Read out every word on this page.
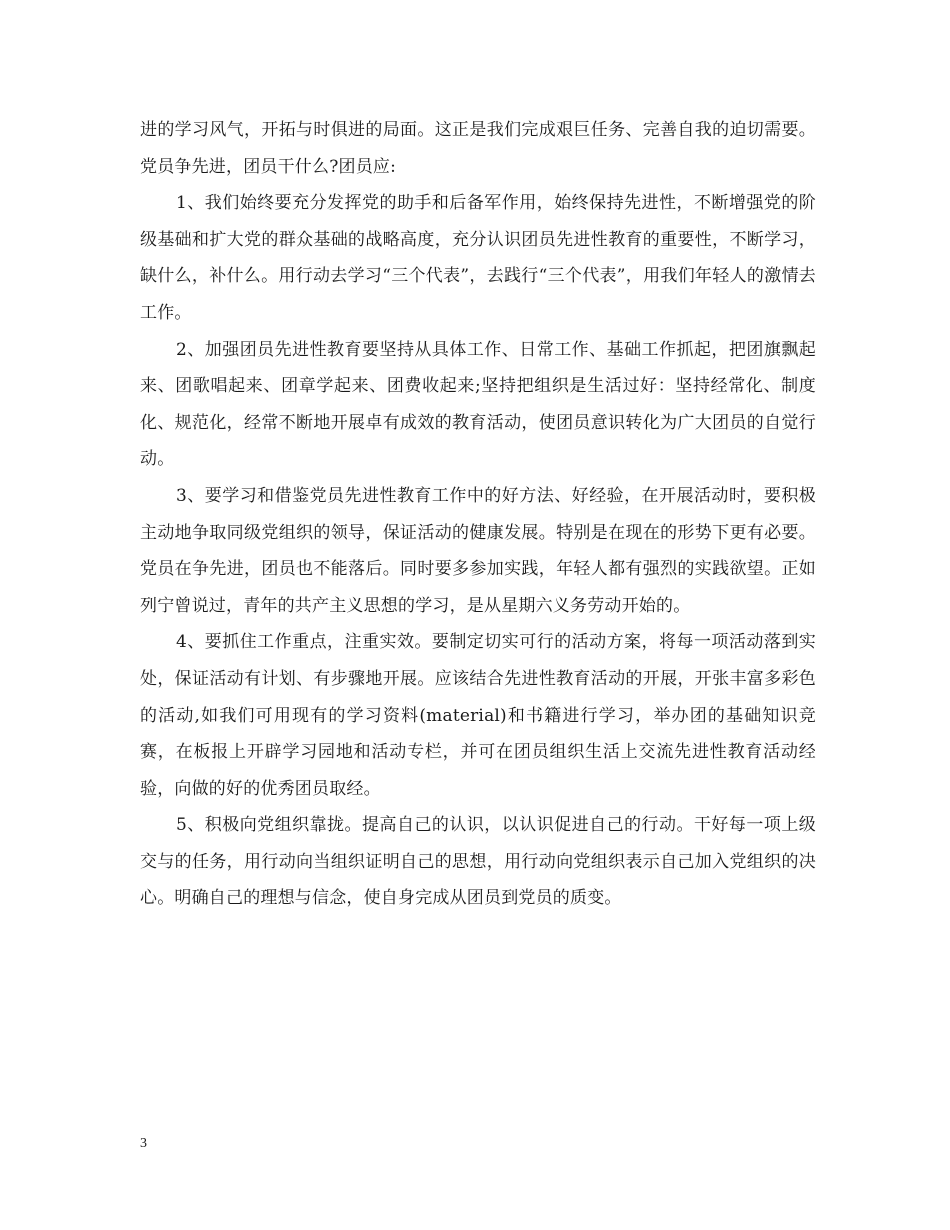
进的学习风气，开拓与时俱进的局面。这正是我们完成艰巨任务、完善自我的迫切需要。党员争先进，团员干什么?团员应:

1、我们始终要充分发挥党的助手和后备军作用，始终保持先进性，不断增强党的阶级基础和扩大党的群众基础的战略高度，充分认识团员先进性教育的重要性，不断学习，缺什么，补什么。用行动去学习“三个代表”，去践行“三个代表”，用我们年轻人的激情去工作。

2、加强团员先进性教育要坚持从具体工作、日常工作、基础工作抓起，把团旗飘起来、团歌唱起来、团章学起来、团费收起来;坚持把组织是生活过好：坚持经常化、制度化、规范化，经常不断地开展卓有成效的教育活动，使团员意识转化为广大团员的自觉行动。

3、要学习和借鉴党员先进性教育工作中的好方法、好经验，在开展活动时，要积极主动地争取同级党组织的领导，保证活动的健康发展。特别是在现在的形势下更有必要。党员在争先进，团员也不能落后。同时要多参加实践，年轻人都有强烈的实践欲望。正如列宁曾说过，青年的共产主义思想的学习，是从星期六义务劳动开始的。

4、要抓住工作重点，注重实效。要制定切实可行的活动方案，将每一项活动落到实处，保证活动有计划、有步骤地开展。应该结合先进性教育活动的开展，开张丰富多彩色的活动,如我们可用现有的学习资料(material)和书籍进行学习，举办团的基础知识竞赛，在板报上开辟学习园地和活动专栏，并可在团员组织生活上交流先进性教育活动经验，向做的好的优秀团员取经。

5、积极向党组织靠拢。提高自己的认识，以认识促进自己的行动。干好每一项上级交与的任务，用行动向当组织证明自己的思想，用行动向党组织表示自己加入党组织的决心。明确自己的理想与信念，使自身完成从团员到党员的质变。

3
